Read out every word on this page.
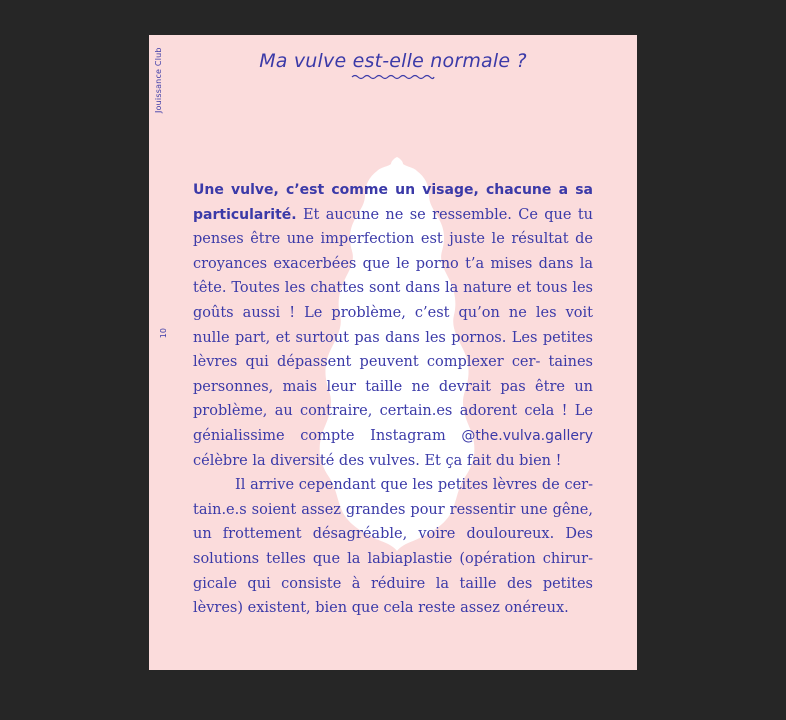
Jouissance Club
10
Ma vulve est-elle normale ?

Une vulve, c’est comme un visage, chacune a sa particularité. Et aucune ne se ressemble. Ce que tu penses être une imperfection est juste le résultat de croyances exacerbées que le porno t’a mises dans la tête. Toutes les chattes sont dans la nature et tous les goûts aussi ! Le problème, c’est qu’on ne les voit nulle part, et surtout pas dans les pornos. Les petites lèvres qui dépassent peuvent complexer cer- taines personnes, mais leur taille ne devrait pas être un problème, au contraire, certain.es adorent cela ! Le génialissime compte Instagram @the.vulva.gallery célèbre la diversité des vulves. Et ça fait du bien !

Il arrive cependant que les petites lèvres de certain.e.s soient assez grandes pour ressentir une gêne, un frottement désagréable, voire douloureux. Des solutions telles que la labiaplastie (opération chirurgicale qui consiste à réduire la taille des petites lèvres) existent, bien que cela reste assez onéreux.
